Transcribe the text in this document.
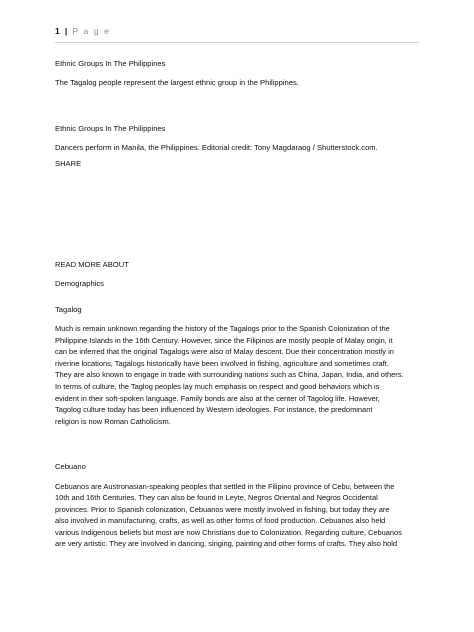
1 | P a g e

Ethnic Groups In The Philippines

The Tagalog people represent the largest ethnic group in the Philippines.

Ethnic Groups In The Philippines

Dancers perform in Manila, the Philippines. Editorial credit: Tony Magdaraog / Shutterstock.com.

SHARE

READ MORE ABOUT

Demographics

Tagalog

Much is remain unknown regarding the history of the Tagalogs prior to the Spanish Colonization of the

Philippine Islands in the 16th Century. However, since the Filipinos are mostly people of Malay origin, it

can be inferred that the original Tagalogs were also of Malay descent. Due their concentration mostly in

riverine locations, Tagalogs historically have been involved in fishing, agriculture and sometimes craft.

They are also known to engage in trade with surrounding nations such as China, Japan, India, and others.

In terms of culture, the Taglog peoples lay much emphasis on respect and good behaviors which is

evident in their soft-spoken language. Family bonds are also at the center of Tagolog life. However,

Tagolog culture today has been influenced by Western ideologies. For instance, the predominant

religion is now Roman Catholicism.

Cebuano

Cebuanos are Austronasian-speaking peoples that settled in the Filipino province of Cebu, between the

10th and 16th Centuries. They can also be found in Leyte, Negros Oriental and Negros Occidental

provinces. Prior to Spanish colonization, Cebuanos were mostly involved in fishing, but today they are

also involved in manufacturing, crafts, as well as other forms of food production. Cebuanos also held

various Indigenous beliefs but most are now Christians due to Colonization. Regarding culture, Cebuanos

are very artistic. They are involved in dancing, singing, painting and other forms of crafts. They also hold
